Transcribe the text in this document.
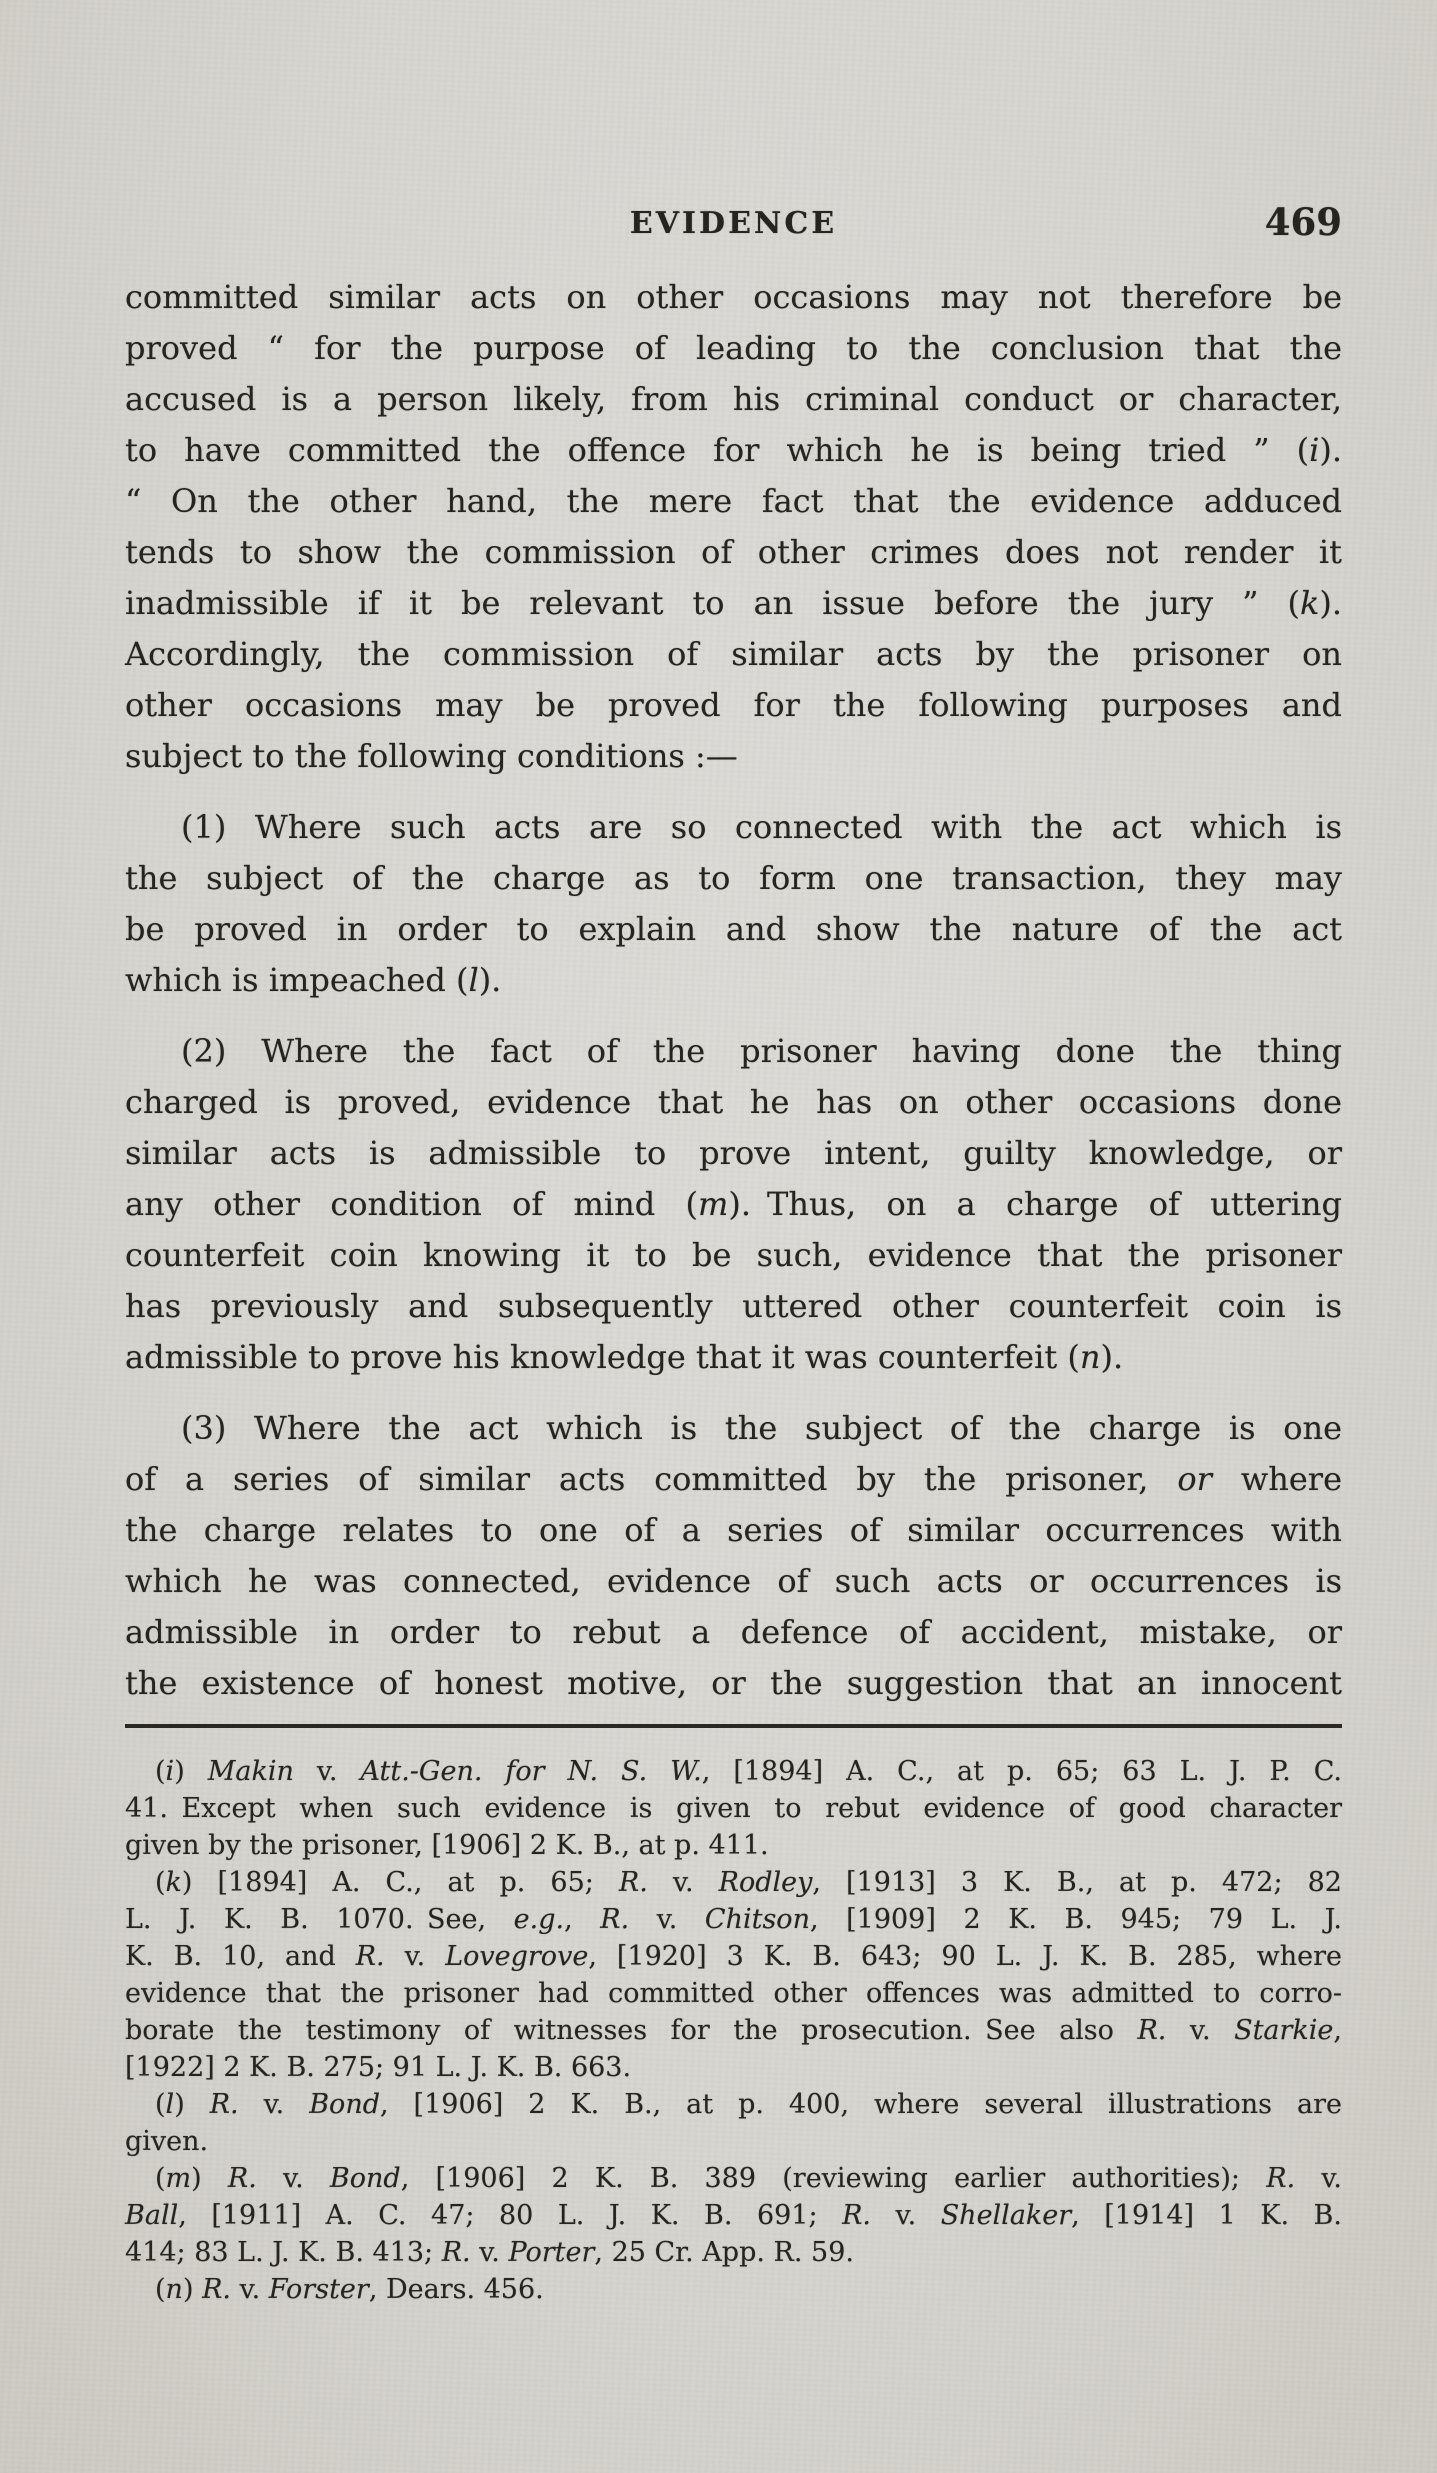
EVIDENCE	469
committed similar acts on other occasions may not therefore be
proved “ for the purpose of leading to the conclusion that the
accused is a person likely, from his criminal conduct or character,
to have committed the offence for which he is being tried ” (i).
“ On the other hand, the mere fact that the evidence adduced
tends to show the commission of other crimes does not render it
inadmissible if it be relevant to an issue before the jury ” (k).
Accordingly, the commission of similar acts by the prisoner on
other occasions may be proved for the following purposes and
subject to the following conditions :—
(1) Where such acts are so connected with the act which is
the subject of the charge as to form one transaction, they may
be proved in order to explain and show the nature of the act
which is impeached (l).
(2) Where the fact of the prisoner having done the thing
charged is proved, evidence that he has on other occasions done
similar acts is admissible to prove intent, guilty knowledge, or
any other condition of mind (m). Thus, on a charge of uttering
counterfeit coin knowing it to be such, evidence that the prisoner
has previously and subsequently uttered other counterfeit coin is
admissible to prove his knowledge that it was counterfeit (n).
(3) Where the act which is the subject of the charge is one
of a series of similar acts committed by the prisoner, or where
the charge relates to one of a series of similar occurrences with
which he was connected, evidence of such acts or occurrences is
admissible in order to rebut a defence of accident, mistake, or
the existence of honest motive, or the suggestion that an innocent
(i) Makin v. Att.-Gen. for N. S. W., [1894] A. C., at p. 65; 63 L. J. P. C.
41. Except when such evidence is given to rebut evidence of good character
given by the prisoner, [1906] 2 K. B., at p. 411.
(k) [1894] A. C., at p. 65; R. v. Rodley, [1913] 3 K. B., at p. 472; 82
L. J. K. B. 1070. See, e.g., R. v. Chitson, [1909] 2 K. B. 945; 79 L. J.
K. B. 10, and R. v. Lovegrove, [1920] 3 K. B. 643; 90 L. J. K. B. 285, where
evidence that the prisoner had committed other offences was admitted to corro-
borate the testimony of witnesses for the prosecution. See also R. v. Starkie,
[1922] 2 K. B. 275; 91 L. J. K. B. 663.
(l) R. v. Bond, [1906] 2 K. B., at p. 400, where several illustrations are
given.
(m) R. v. Bond, [1906] 2 K. B. 389 (reviewing earlier authorities); R. v.
Ball, [1911] A. C. 47; 80 L. J. K. B. 691; R. v. Shellaker, [1914] 1 K. B.
414; 83 L. J. K. B. 413; R. v. Porter, 25 Cr. App. R. 59.
(n) R. v. Forster, Dears. 456.
